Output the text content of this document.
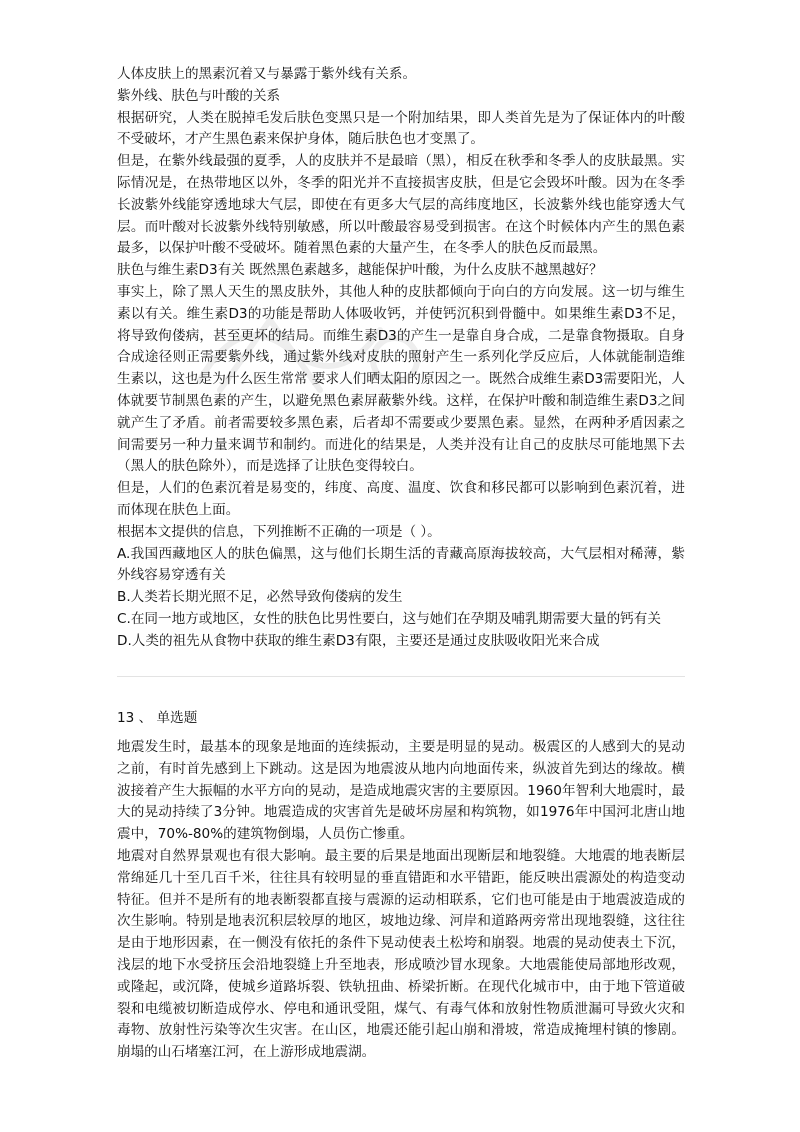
人体皮肤上的黑素沉着又与暴露于紫外线有关系。

紫外线、肤色与叶酸的关系

根据研究，人类在脱掉毛发后肤色变黑只是一个附加结果，即人类首先是为了保证体内的叶酸不受破坏，才产生黑色素来保护身体，随后肤色也才变黑了。

但是，在紫外线最强的夏季，人的皮肤并不是最暗（黑），相反在秋季和冬季人的皮肤最黑。实际情况是，在热带地区以外，冬季的阳光并不直接损害皮肤，但是它会毁坏叶酸。因为在冬季长波紫外线能穿透地球大气层，即使在有更多大气层的高纬度地区，长波紫外线也能穿透大气层。而叶酸对长波紫外线特别敏感，所以叶酸最容易受到损害。在这个时候体内产生的黑色素最多，以保护叶酸不受破坏。随着黑色素的大量产生，在冬季人的肤色反而最黑。

肤色与维生素D3有关 既然黑色素越多，越能保护叶酸，为什么皮肤不越黑越好？

事实上，除了黑人天生的黑皮肤外，其他人种的皮肤都倾向于向白的方向发展。这一切与维生素以有关。维生素D3的功能是帮助人体吸收钙，并使钙沉积到骨髓中。如果维生素D3不足，将导致佝偻病，甚至更坏的结局。而维生素D3的产生一是靠自身合成，二是靠食物摄取。自身合成途径则正需要紫外线，通过紫外线对皮肤的照射产生一系列化学反应后，人体就能制造维生素以，这也是为什么医生常常 要求人们晒太阳的原因之一。既然合成维生素D3需要阳光，人体就要节制黑色素的产生，以避免黑色素屏蔽紫外线。这样，在保护叶酸和制造维生素D3之间就产生了矛盾。前者需要较多黑色素，后者却不需要或少要黑色素。显然，在两种矛盾因素之间需要另一种力量来调节和制约。而进化的结果是，人类并没有让自己的皮肤尽可能地黑下去（黑人的肤色除外），而是选择了让肤色变得较白。

但是，人们的色素沉着是易变的，纬度、高度、温度、饮食和移民都可以影响到色素沉着，进而体现在肤色上面。

根据本文提供的信息，下列推断不正确的一项是（ ）。

A.我国西藏地区人的肤色偏黑，这与他们长期生活的青藏高原海拔较高，大气层相对稀薄，紫外线容易穿透有关

B.人类若长期光照不足，必然导致佝偻病的发生

C.在同一地方或地区，女性的肤色比男性要白，这与她们在孕期及哺乳期需要大量的钙有关

D.人类的祖先从食物中获取的维生素D3有限，主要还是通过皮肤吸收阳光来合成

13 、 单选题

地震发生时，最基本的现象是地面的连续振动，主要是明显的晃动。极震区的人感到大的晃动之前，有时首先感到上下跳动。这是因为地震波从地内向地面传来，纵波首先到达的缘故。横波接着产生大振幅的水平方向的晃动，是造成地震灾害的主要原因。1960年智利大地震时，最大的晃动持续了3分钟。地震造成的灾害首先是破坏房屋和构筑物，如1976年中国河北唐山地震中，70%-80%的建筑物倒塌，人员伤亡惨重。

地震对自然界景观也有很大影响。最主要的后果是地面出现断层和地裂缝。大地震的地表断层常绵延几十至几百千米，往往具有较明显的垂直错距和水平错距，能反映出震源处的构造变动特征。但并不是所有的地表断裂都直接与震源的运动相联系，它们也可能是由于地震波造成的次生影响。特别是地表沉积层较厚的地区，坡地边缘、河岸和道路两旁常出现地裂缝，这往往是由于地形因素，在一侧没有依托的条件下晃动使表土松垮和崩裂。地震的晃动使表土下沉，浅层的地下水受挤压会沿地裂缝上升至地表，形成喷沙冒水现象。大地震能使局部地形改观，或隆起，或沉降，使城乡道路坼裂、铁轨扭曲、桥梁折断。在现代化城市中，由于地下管道破裂和电缆被切断造成停水、停电和通讯受阻，煤气、有毒气体和放射性物质泄漏可导致火灾和毒物、放射性污染等次生灾害。在山区，地震还能引起山崩和滑坡，常造成掩埋村镇的惨剧。崩塌的山石堵塞江河，在上游形成地震湖。
